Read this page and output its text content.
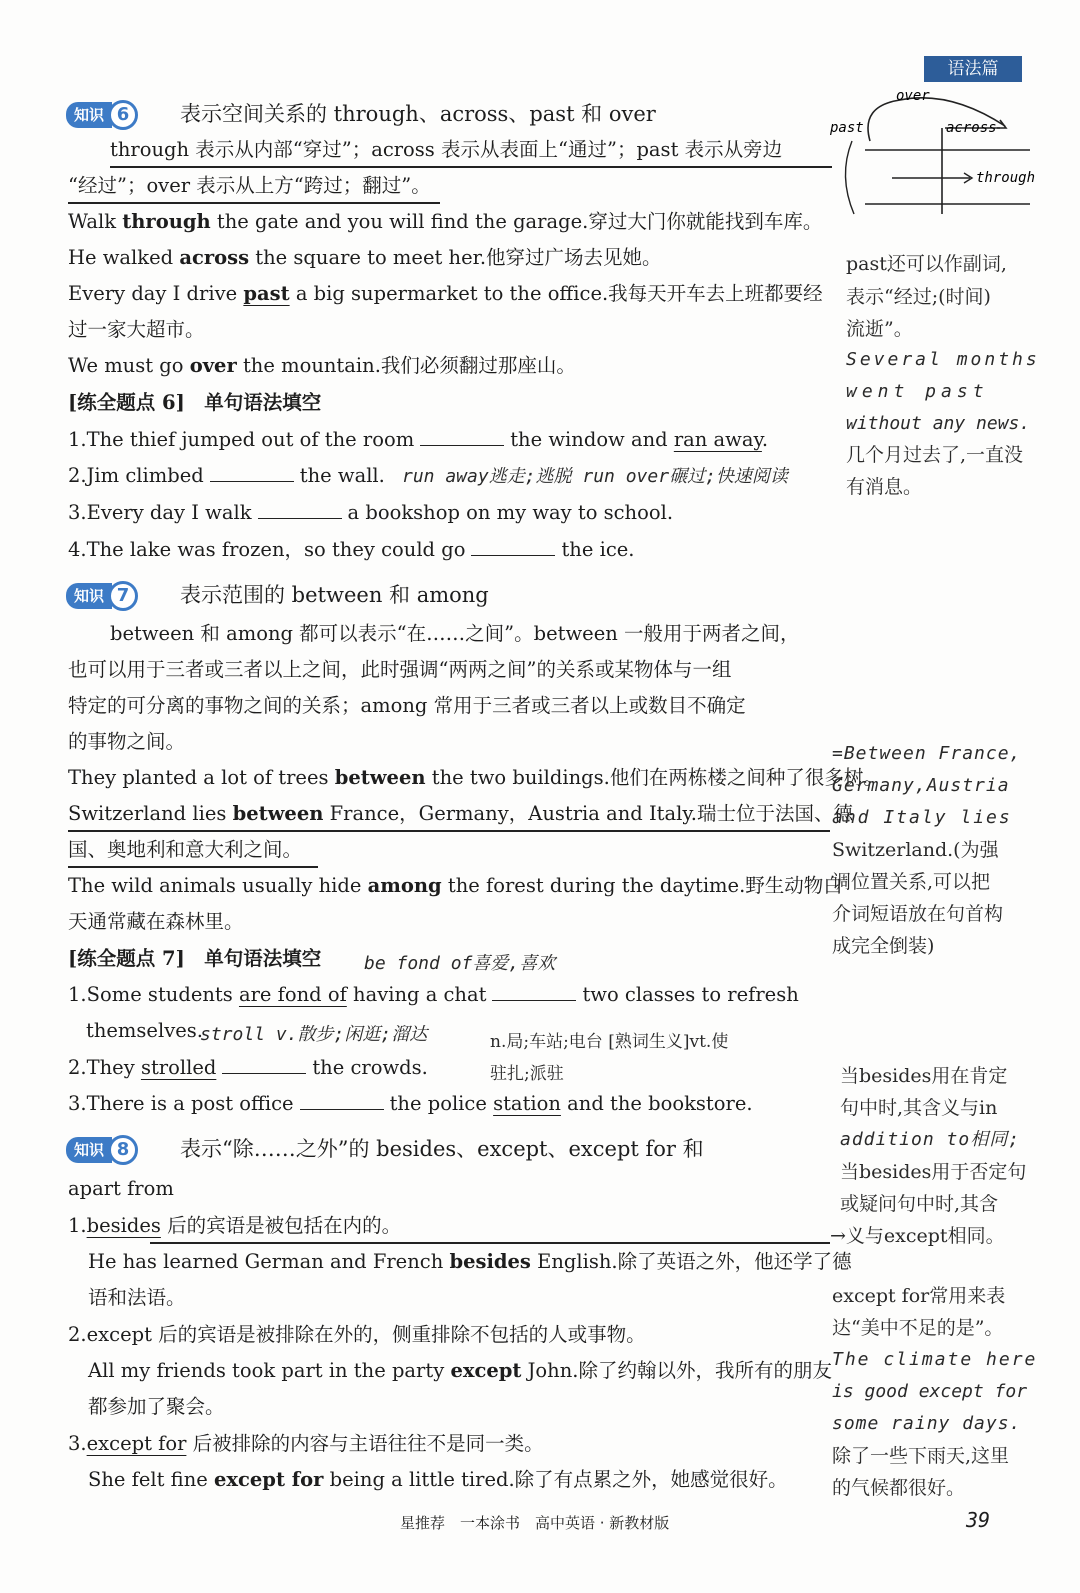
语法篇
over
across
through
past
知识 6	表示空间关系的 through、across、past 和 over
through 表示从内部“穿过”；across 表示从表面上“通过”；past 表示从旁边
“经过”；over 表示从上方“跨过；翻过”。
Walk through the gate and you will find the garage.穿过大门你就能找到车库。
He walked across the square to meet her.他穿过广场去见她。
Every day I drive past a big supermarket to the office.我每天开车去上班都要经
过一家大超市。
We must go over the mountain.我们必须翻过那座山。
[练全题点 6]　单句语法填空
1.The thief jumped out of the room	the window and ran away.
2.Jim climbed	the wall. run away逃走;逃脱 run over碾过;快速阅读
3.Every day I walk	a bookshop on my way to school.
4.The lake was frozen，so they could go	the ice.
past还可以作副词,
表示“经过;(时间)
流逝”。
Several months
went past
without any news.
几个月过去了,一直没
有消息。
知识 7	表示范围的 between 和 among
between 和 among 都可以表示“在……之间”。between 一般用于两者之间，
也可以用于三者或三者以上之间，此时强调“两两之间”的关系或某物体与一组
特定的可分离的事物之间的关系；among 常用于三者或三者以上或数目不确定
的事物之间。
They planted a lot of trees between the two buildings.他们在两栋楼之间种了很多树。
Switzerland lies between France，Germany，Austria and Italy.瑞士位于法国、德
国、奥地利和意大利之间。
The wild animals usually hide among the forest during the daytime.野生动物白
天通常藏在森林里。
[练全题点 7]　单句语法填空 be fond of喜爱,喜欢
1.Some students are fond of having a chat	two classes to refresh
themselves.
stroll v.散步;闲逛;溜达	n.局;车站;电台 [熟词生义]vt.使
驻扎;派驻
2.They strolled	the crowds.
3.There is a post office	the police station and the bookstore.
=Between France,
Germany,Austria
and Italy lies
Switzerland.(为强
调位置关系,可以把
介词短语放在句首构
成完全倒装)
知识 8	表示“除……之外”的 besides、except、except for 和
apart from
1.besides 后的宾语是被包括在内的。
He has learned German and French besides English.除了英语之外，他还学了德
语和法语。
2.except 后的宾语是被排除在外的，侧重排除不包括的人或事物。
All my friends took part in the party except John.除了约翰以外，我所有的朋友
都参加了聚会。
3.except for 后被排除的内容与主语往往不是同一类。
She felt fine except for being a little tired.除了有点累之外，她感觉很好。
当besides用在肯定
句中时,其含义与in
addition to相同;
当besides用于否定句
或疑问句中时,其含
→义与except相同。
except for常用来表
达“美中不足的是”。
The climate here
is good except for
some rainy days.
除了一些下雨天,这里
的气候都很好。
星推荐　一本涂书　高中英语 · 新教材版	39
